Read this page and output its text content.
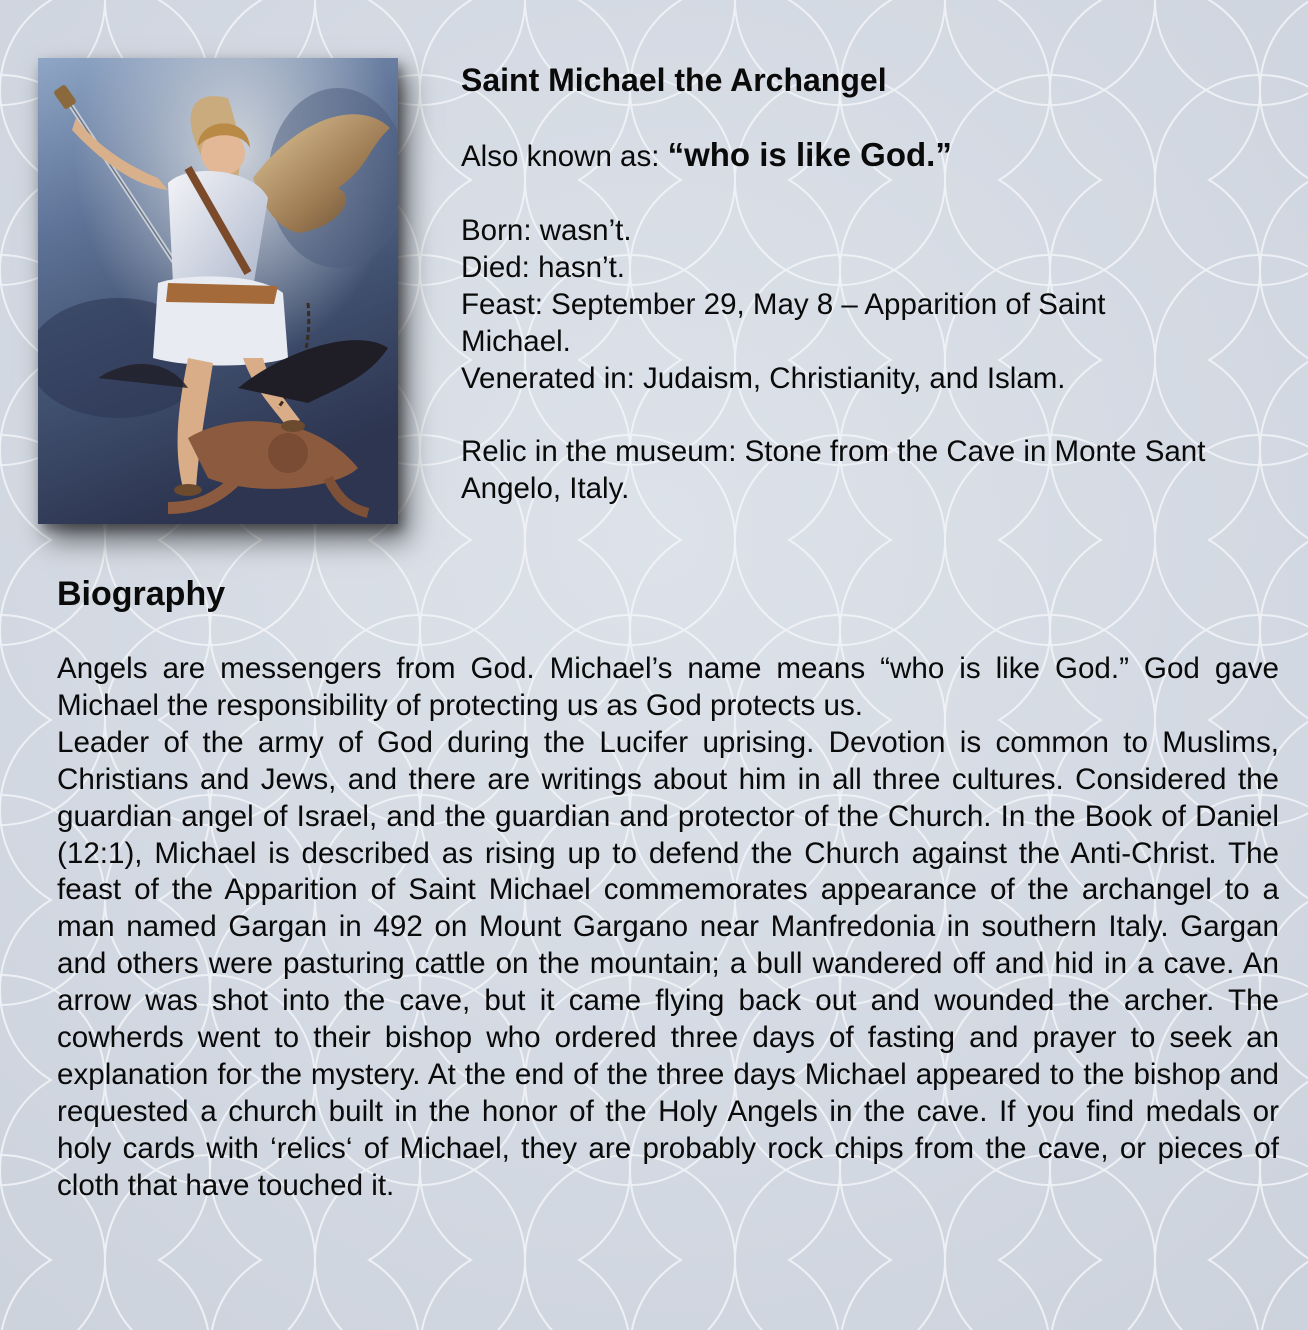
Saint Michael the Archangel
Also known as: “who is like God.”
Born: wasn’t.
Died: hasn’t.
Feast: September 29, May 8 – Apparition of Saint Michael.
Venerated in: Judaism, Christianity, and Islam.
Relic in the museum: Stone from the Cave in Monte Sant Angelo, Italy.
Biography

Angels are messengers from God. Michael’s name means “who is like God.” God gave Michael the responsibility of protecting us as God protects us.

Leader of the army of God during the Lucifer uprising. Devotion is common to Muslims, Christians and Jews, and there are writings about him in all three cultures. Considered the guardian angel of Israel, and the guardian and protector of the Church. In the Book of Daniel (12:1), Michael is described as rising up to defend the Church against the Anti-Christ. The feast of the Apparition of Saint Michael commemorates appearance of the archangel to a man named Gargan in 492 on Mount Gargano near Manfredonia in southern Italy. Gargan and others were pasturing cattle on the mountain; a bull wandered off and hid in a cave. An arrow was shot into the cave, but it came flying back out and wounded the archer. The cowherds went to their bishop who ordered three days of fasting and prayer to seek an explanation for the mystery. At the end of the three days Michael appeared to the bishop and requested a church built in the honor of the Holy Angels in the cave. If you find medals or holy cards with ‘relics‘ of Michael, they are probably rock chips from the cave, or pieces of cloth that have touched it.
